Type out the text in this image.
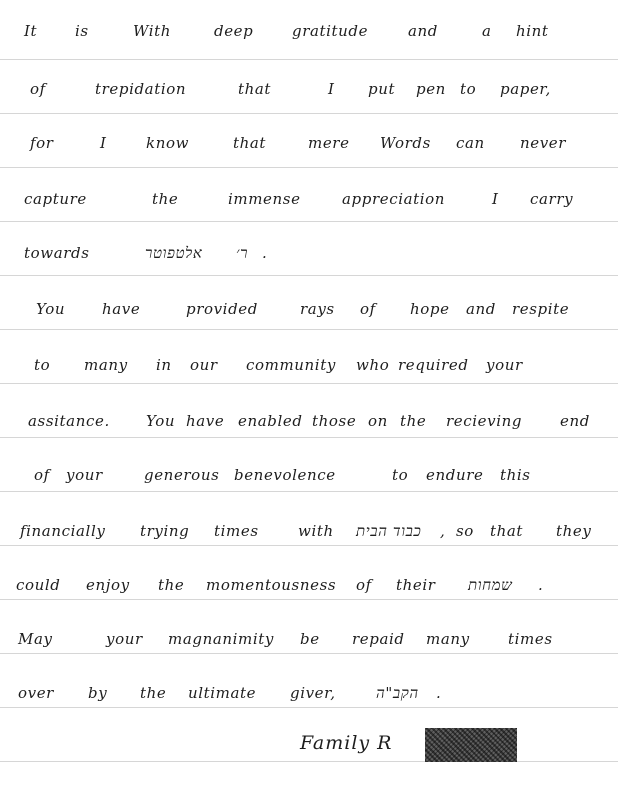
It	is	With	deep	gratitude	and	a hint
of	trepidation	that	I put pen to paper,
for	I	know	that	mere Words can never
capture	the	immense	appreciation	I carry
towards	אלטפוטר ר׳ .
You have	provided	rays of hope and respite
to many in our community who required your
assitance. You have enabled those on the recieving	end
of your	generous benevolence	to endure this
financially trying times	with כבוד הבית , so that they
could enjoy the momentousness of their שמחות .
May	your magnanimity be repaid many	times
over by the ultimate giver,	הקב"ה .
Family R
